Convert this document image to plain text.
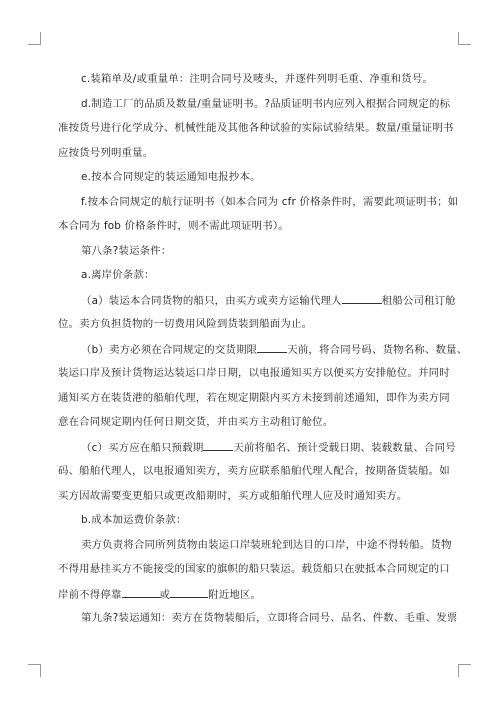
c.装箱单及/或重量单：注明合同号及唛头，并逐件列明毛重、净重和货号。
d.制造工厂的品质及数量/重量证明书。?品质证明书内应列入根据合同规定的标
准按货号进行化学成分、机械性能及其他各种试验的实际试验结果。数量/重量证明书
应按货号列明重量。
e.按本合同规定的装运通知电报抄本。
f.按本合同规定的航行证明书（如本合同为 cfr 价格条件时，需要此项证明书；如
本合同为 fob 价格条件时，则不需此项证明书）。
第八条?装运条件：
a.离岸价条款：
（a）装运本合同货物的船只，由买方或卖方运输代理人	租船公司租订舱
位。卖方负担货物的一切费用风险到货装到船面为止。
（b）卖方必须在合同规定的交货期限	天前，将合同号码、货物名称、数量、
装运口岸及预计货物运达装运口岸日期，以电报通知买方以便买方安排舱位。并同时
通知买方在装货港的船舶代理，若在规定期限内买方未接到前述通知，即作为卖方同
意在合同规定期内任何日期交货，并由买方主动租订舱位。
（c）买方应在船只预载期	天前将船名、预计受载日期、装载数量、合同号
码、船舶代理人，以电报通知卖方，卖方应联系船舶代理人配合，按期备货装船。如
买方因故需要变更船只或更改船期时，买方或船舶代理人应及时通知卖方。
b.成本加运费价条款：
卖方负责将合同所列货物由装运口岸装班轮到达目的口岸，中途不得转船。货物
不得用悬挂买方不能接受的国家的旗帜的船只装运。载货船只在驶抵本合同规定的口
岸前不得停靠	或	附近地区。
第九条?装运通知：卖方在货物装船后，立即将合同号、品名、件数、毛重、发票
